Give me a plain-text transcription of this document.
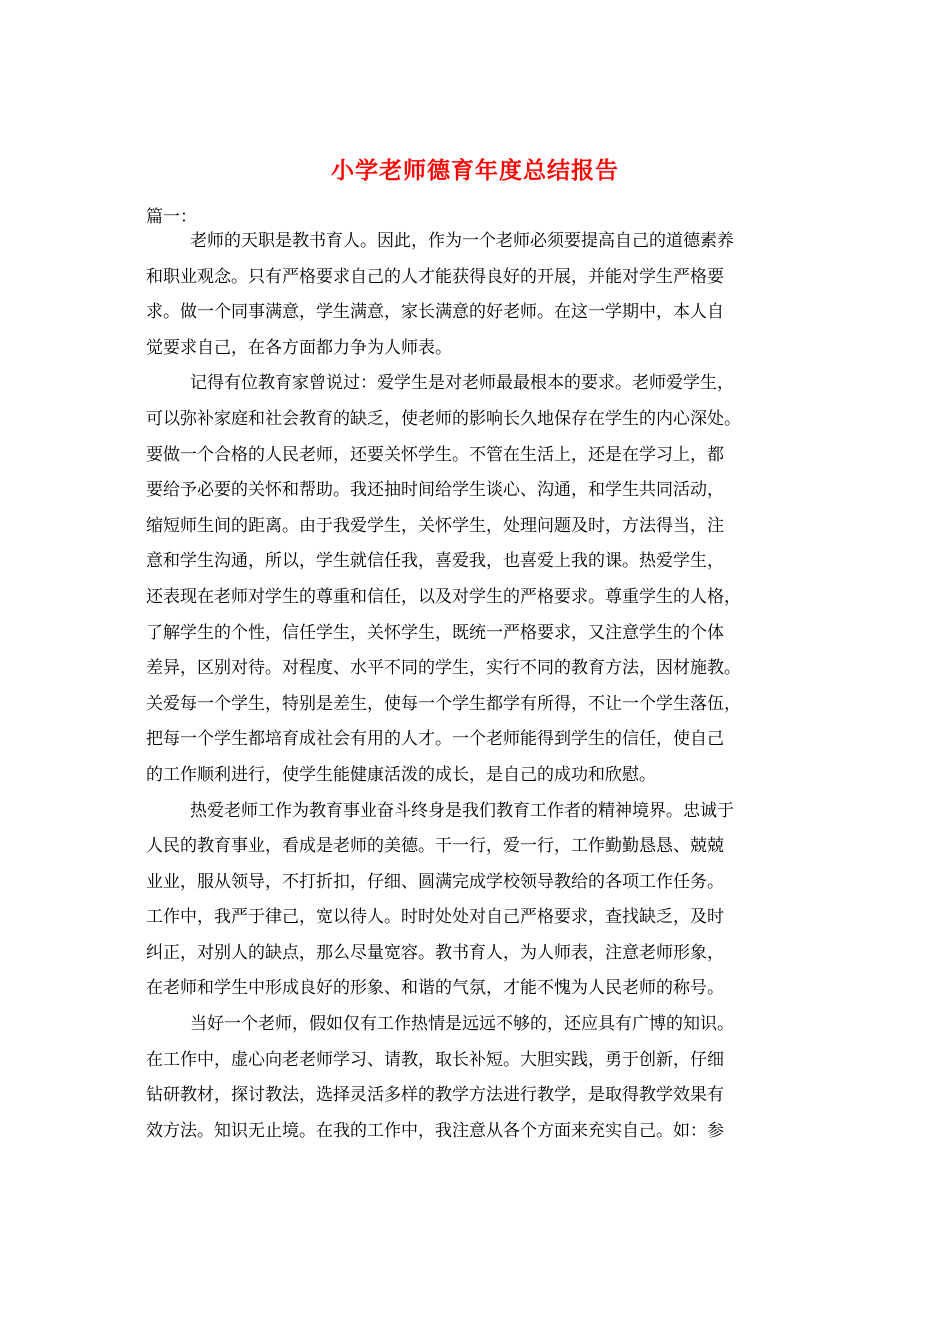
小学老师德育年度总结报告

篇一：

老师的天职是教书育人。因此，作为一个老师必须要提高自己的道德素养
和职业观念。只有严格要求自己的人才能获得良好的开展，并能对学生严格要
求。做一个同事满意，学生满意，家长满意的好老师。在这一学期中，本人自
觉要求自己，在各方面都力争为人师表。
记得有位教育家曾说过：爱学生是对老师最最根本的要求。老师爱学生，
可以弥补家庭和社会教育的缺乏，使老师的影响长久地保存在学生的内心深处。
要做一个合格的人民老师，还要关怀学生。不管在生活上，还是在学习上，都
要给予必要的关怀和帮助。我还抽时间给学生谈心、沟通，和学生共同活动，
缩短师生间的距离。由于我爱学生，关怀学生，处理问题及时，方法得当，注
意和学生沟通，所以，学生就信任我，喜爱我，也喜爱上我的课。热爱学生，
还表现在老师对学生的尊重和信任，以及对学生的严格要求。尊重学生的人格，
了解学生的个性，信任学生，关怀学生，既统一严格要求，又注意学生的个体
差异，区别对待。对程度、水平不同的学生，实行不同的教育方法，因材施教。
关爱每一个学生，特别是差生，使每一个学生都学有所得，不让一个学生落伍，
把每一个学生都培育成社会有用的人才。一个老师能得到学生的信任，使自己
的工作顺利进行，使学生能健康活泼的成长，是自己的成功和欣慰。
热爱老师工作为教育事业奋斗终身是我们教育工作者的精神境界。忠诚于
人民的教育事业，看成是老师的美德。干一行，爱一行，工作勤勤恳恳、兢兢
业业，服从领导，不打折扣，仔细、圆满完成学校领导教给的各项工作任务。
工作中，我严于律己，宽以待人。时时处处对自己严格要求，查找缺乏，及时
纠正，对别人的缺点，那么尽量宽容。教书育人，为人师表，注意老师形象，
在老师和学生中形成良好的形象、和谐的气氛，才能不愧为人民老师的称号。
当好一个老师，假如仅有工作热情是远远不够的，还应具有广博的知识。
在工作中，虚心向老老师学习、请教，取长补短。大胆实践，勇于创新，仔细
钻研教材，探讨教法，选择灵活多样的教学方法进行教学，是取得教学效果有
效方法。知识无止境。在我的工作中，我注意从各个方面来充实自己。如：参
